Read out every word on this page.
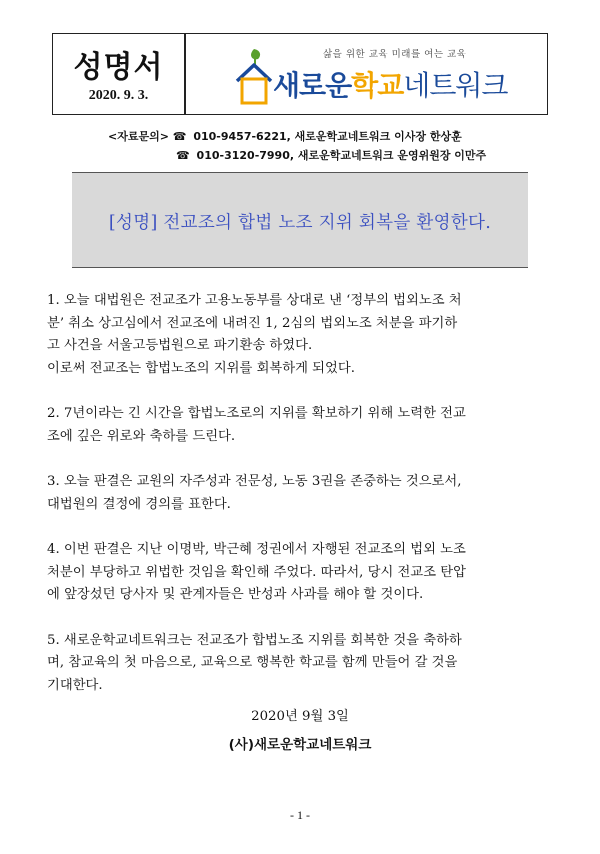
성명서
2020. 9. 3.
삶을 위한 교육 미래를 여는 교육
새로운학교네트워크
<자료문의> ☎ 010-9457-6221, 새로운학교네트워크 이사장 한상훈
☎ 010-3120-7990, 새로운학교네트워크 운영위원장 이만주
[성명] 전교조의 합법 노조 지위 회복을 환영한다.
1. 오늘 대법원은 전교조가 고용노동부를 상대로 낸 ‘정부의 법외노조 처
분’ 취소 상고심에서 전교조에 내려진 1, 2심의 법외노조 처분을 파기하
고 사건을 서울고등법원으로 파기환송 하였다.
이로써 전교조는 합법노조의 지위를 회복하게 되었다.
2. 7년이라는 긴 시간을 합법노조로의 지위를 확보하기 위해 노력한 전교
조에 깊은 위로와 축하를 드린다.
3. 오늘 판결은 교원의 자주성과 전문성, 노동 3권을 존중하는 것으로서,
대법원의 결정에 경의를 표한다.
4. 이번 판결은 지난 이명박, 박근혜 정권에서 자행된 전교조의 법외 노조
처분이 부당하고 위법한 것임을 확인해 주었다. 따라서, 당시 전교조 탄압
에 앞장섰던 당사자 및 관계자들은 반성과 사과를 해야 할 것이다.
5. 새로운학교네트워크는 전교조가 합법노조 지위를 회복한 것을 축하하
며, 참교육의 첫 마음으로, 교육으로 행복한 학교를 함께 만들어 갈 것을
기대한다.
2020년 9월 3일
(사)새로운학교네트워크
- 1 -
